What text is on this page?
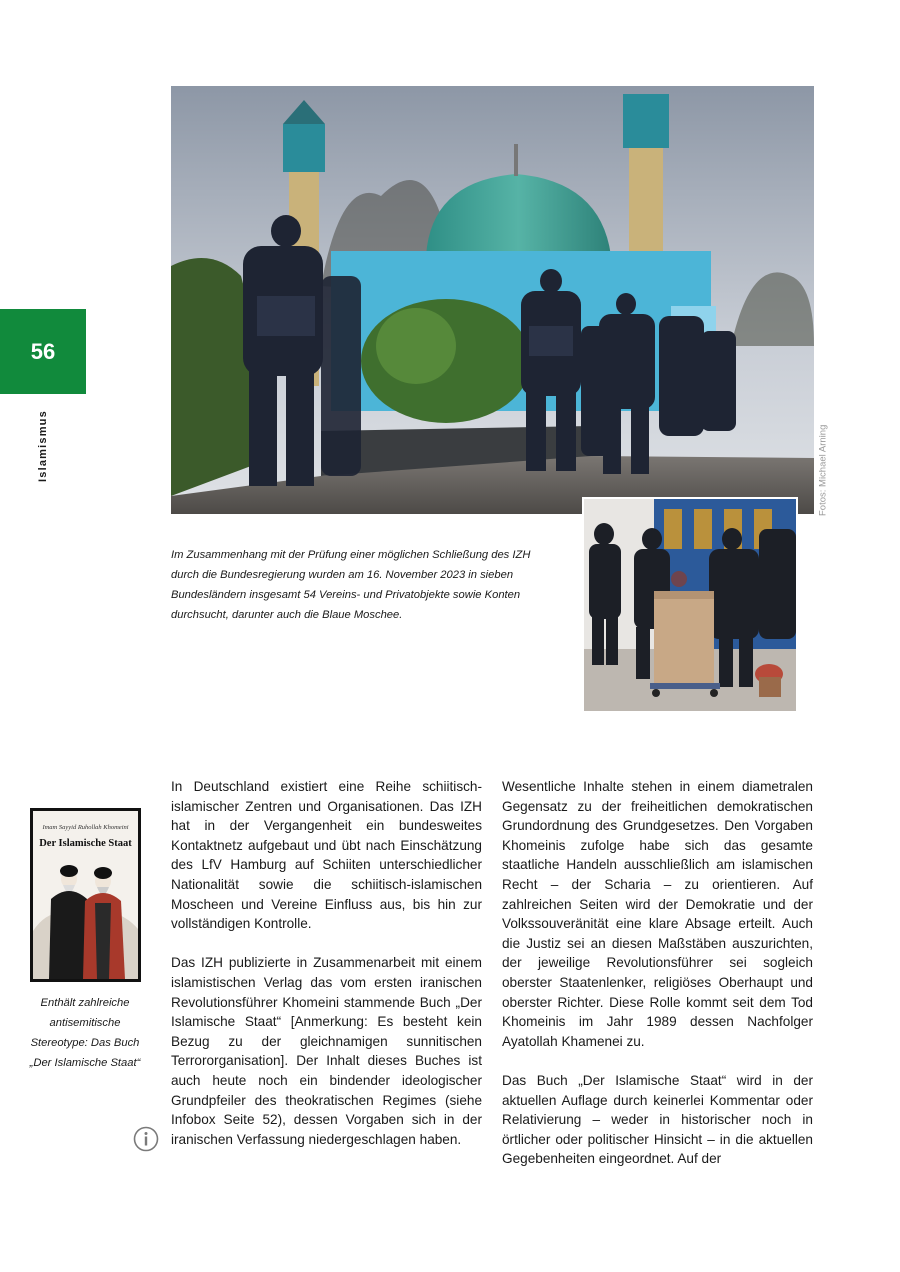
56
Islamismus	Fotos: Michael Arning
Im Zusammenhang mit der Prüfung einer möglichen Schließung des IZH
durch die Bundesregierung wurden am 16. November 2023 in sieben
Bundesländern insgesamt 54 Vereins- und Privatobjekte sowie Konten
durchsucht, darunter auch die Blaue Moschee.
Imam Sayyid Ruhollah Khomeini
Der Islamische Staat
Enthält zahlreiche
antisemitische
Stereotype: Das Buch
„Der Islamische Staat“

In Deutschland existiert eine Reihe schiitisch-islamischer Zentren und Organisationen. Das IZH hat in der Vergangenheit ein bundesweites Kontaktnetz aufgebaut und übt nach Einschätzung des LfV Hamburg auf Schiiten unterschiedlicher Nationalität sowie die schiitisch-islamischen Moscheen und Vereine Einfluss aus, bis hin zur vollständigen Kontrolle.

Das IZH publizierte in Zusammenarbeit mit einem islamistischen Verlag das vom ersten iranischen Revolutionsführer Khomeini stammende Buch „Der Islamische Staat“ [Anmerkung: Es besteht kein Bezug zu der gleichnamigen sunnitischen Terrororganisation]. Der Inhalt dieses Buches ist auch heute noch ein bindender ideologischer Grundpfeiler des theokratischen Regimes (siehe Infobox Seite 52), dessen Vorgaben sich in der iranischen Verfassung niedergeschlagen haben.

Wesentliche Inhalte stehen in einem diametralen Gegensatz zu der freiheitlichen demokratischen Grundordnung des Grundgesetzes. Den Vorgaben Khomeinis zufolge habe sich das gesamte staatliche Handeln ausschließlich am islamischen Recht – der Scharia – zu orientieren. Auf zahlreichen Seiten wird der Demokratie und der Volkssouveränität eine klare Absage erteilt. Auch die Justiz sei an diesen Maßstäben auszurichten, der jeweilige Revolutionsführer sei sogleich oberster Staatenlenker, religiöses Oberhaupt und oberster Richter. Diese Rolle kommt seit dem Tod Khomeinis im Jahr 1989 dessen Nachfolger Ayatollah Khamenei zu.

Das Buch „Der Islamische Staat“ wird in der aktuellen Auflage durch keinerlei Kommentar oder Relativierung – weder in historischer noch in örtlicher oder politischer Hinsicht – in die aktuellen Gegebenheiten eingeordnet. Auf der
